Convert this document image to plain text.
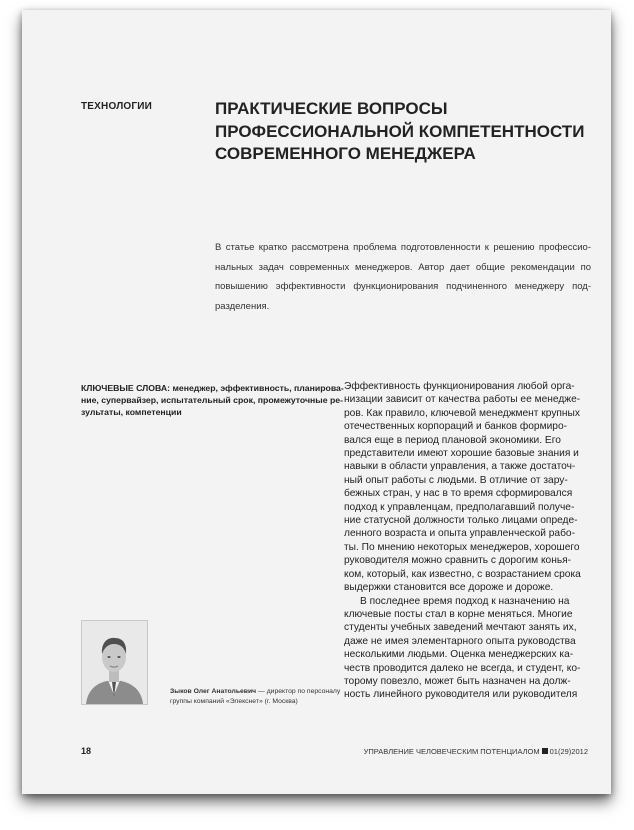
ТЕХНОЛОГИИ	ПРАКТИЧЕСКИЕ ВОПРОСЫ
ПРОФЕССИОНАЛЬНОЙ КОМПЕТЕНТНОСТИ
СОВРЕМЕННОГО МЕНЕДЖЕРА
В статье кратко рассмотрена проблема подготовленности к решению профессио-
нальных задач современных менеджеров. Автор дает общие рекомендации по
повышению эффективности функционирования подчиненного менеджеру под-
разделения.
КЛЮЧЕВЫЕ СЛОВА: менеджер, эффективность, планирова-
ние, супервайзер, испытательный срок, промежуточные ре-
зультаты, компетенции
Эффективность функционирования любой орга-
низации зависит от качества работы ее менедже-
ров. Как правило, ключевой менеджмент крупных
отечественных корпораций и банков формиро-
вался еще в период плановой экономики. Его
представители имеют хорошие базовые знания и
навыки в области управления, а также достаточ-
ный опыт работы с людьми. В отличие от зару-
бежных стран, у нас в то время сформировался
подход к управленцам, предполагавший получе-
ние статусной должности только лицами опреде-
ленного возраста и опыта управленческой рабо-
ты. По мнению некоторых менеджеров, хорошего
руководителя можно сравнить с дорогим конья-
ком, который, как известно, с возрастанием срока
выдержки становится все дороже и дороже.
В последнее время подход к назначению на
ключевые посты стал в корне меняться. Многие
студенты учебных заведений мечтают занять их,
даже не имея элементарного опыта руководства
несколькими людьми. Оценка менеджерских ка-
честв проводится далеко не всегда, и студент, ко-
торому повезло, может быть назначен на долж-
ность линейного руководителя или руководителя
Зыков Олег Анатольевич — директор по персоналу
группы компаний «Элекснет» (г. Москва)
18	УПРАВЛЕНИЕ ЧЕЛОВЕЧЕСКИМ ПОТЕНЦИАЛОМ 01(29)2012
